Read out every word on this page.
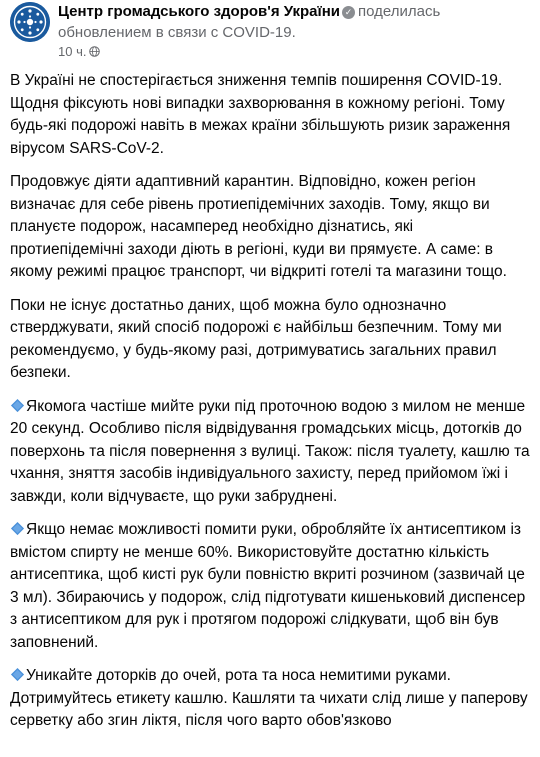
Центр громадського здоров'я України ✓ поделилась обновлением в связи с COVID-19.
10 ч.

В Україні не спостерігається зниження темпів поширення COVID-19. Щодня фіксують нові випадки захворювання в кожному регіоні. Тому будь-які подорожі навіть в межах країни збільшують ризик зараження вірусом SARS-CoV-2.

Продовжує діяти адаптивний карантин. Відповідно, кожен регіон визначає для себе рівень протиепідемічних заходів. Тому, якщо ви плануєте подорож, насамперед необхідно дізнатись, які протиепідемічні заходи діють в регіоні, куди ви прямуєте. А саме: в якому режимі працює транспорт, чи відкриті готелі та магазини тощо.

Поки не існує достатньо даних, щоб можна було однозначно стверджувати, який спосіб подорожі є найбільш безпечним. Тому ми рекомендуємо, у будь-якому разі, дотримуватись загальних правил безпеки.

Якомога частіше мийте руки під проточною водою з милом не менше 20 секунд. Особливо після відвідування громадських місць, дотorків до поверхонь та після повернення з вулиці. Також: після туалету, кашлю та чхання, зняття засобів індивідуального захисту, перед прийомом їжі і завжди, коли відчуваєте, що руки забруднені.

Якщо немає можливості помити руки, обробляйте їх антисептиком із вмістом спирту не менше 60%. Використовуйте достатню кількість антисептика, щоб кисті рук були повністю вкриті розчином (зазвичай це 3 мл). Збираючись у подорож, слід підготувати кишеньковий диспенсер з антисептиком для рук і протягом подорожі слідкувати, щоб він був заповнений.

Уникайте доторків до очей, рота та носа немитими руками. Дотримуйтесь етикету кашлю. Кашляти та чихати слід лише у паперову серветку або згин ліктя, після чого варто обов'язково
